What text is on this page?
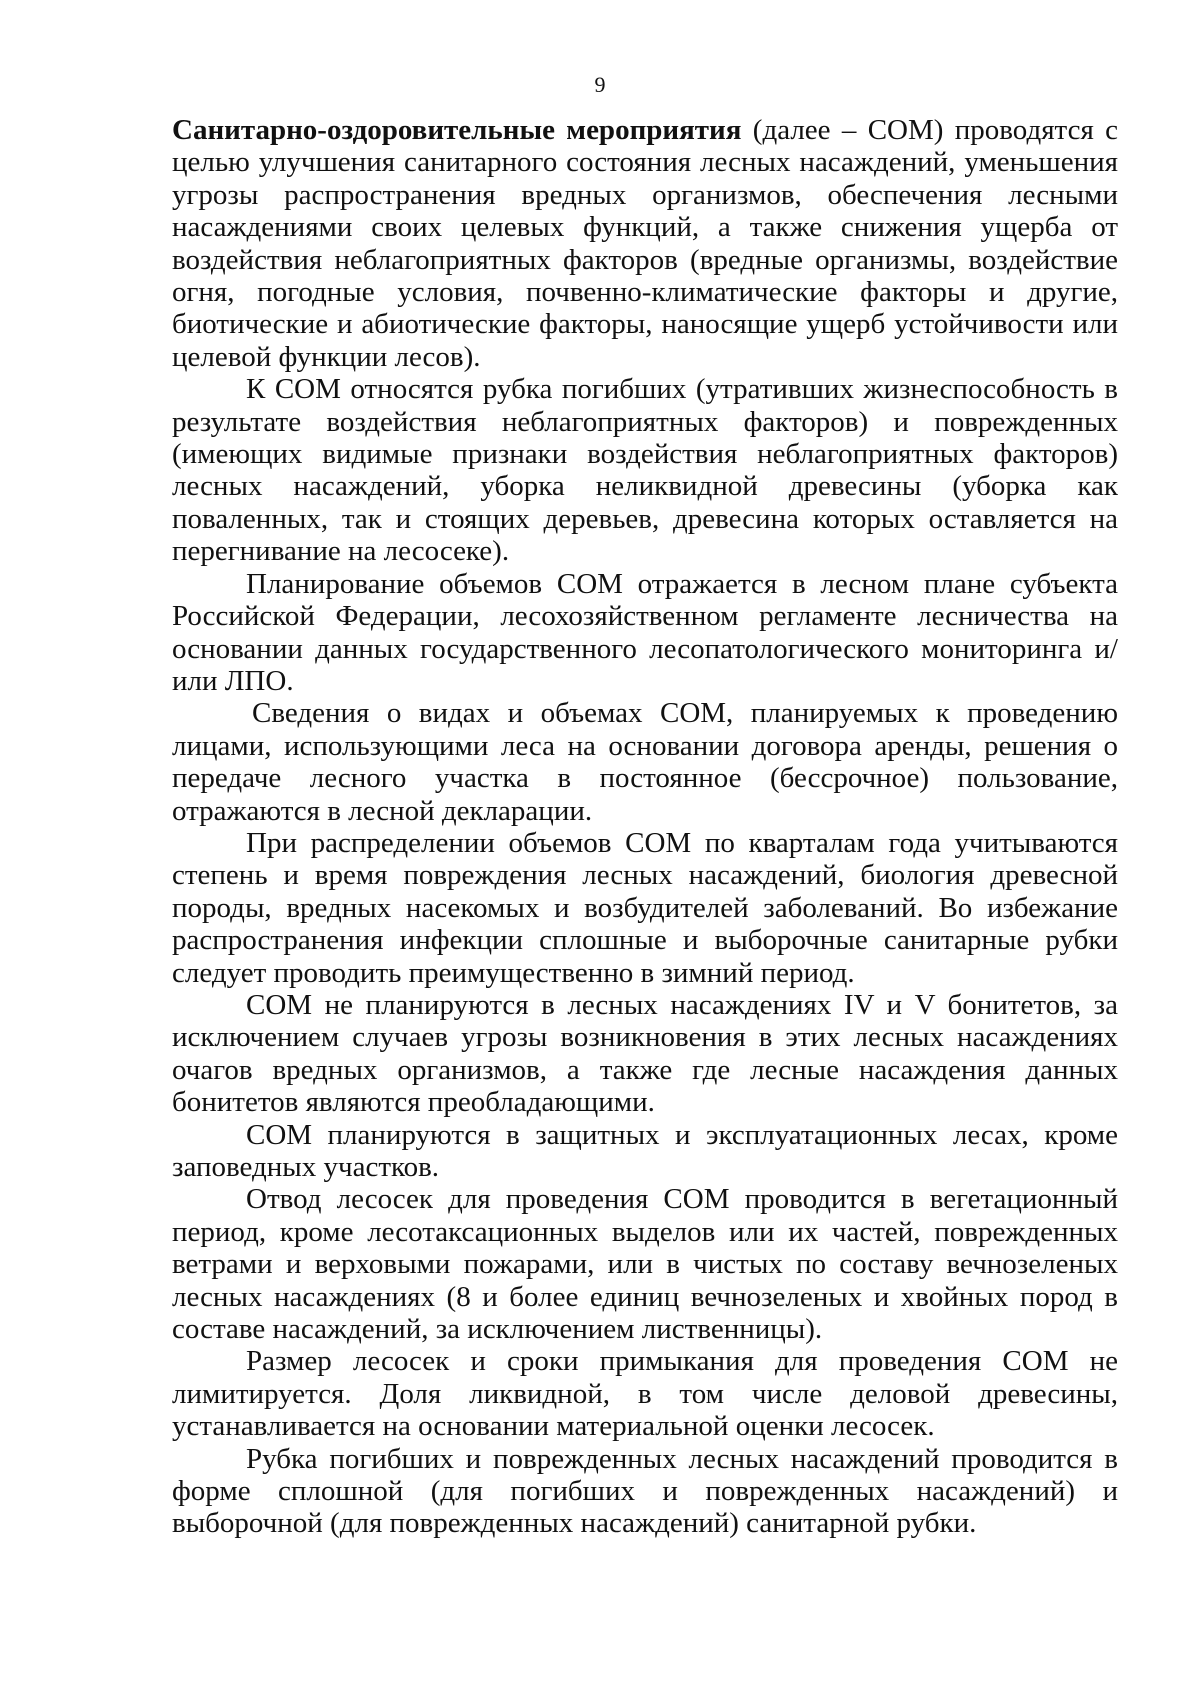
9

Санитарно-оздоровительные мероприятия (далее – СОМ) проводятся с целью улучшения санитарного состояния лесных насаждений, уменьшения угрозы распространения вредных организмов, обеспечения лесными насаждениями своих целевых функций, а также снижения ущерба от воздействия неблагоприятных факторов (вредные организмы, воздействие огня, погодные условия, почвенно-климатические факторы и другие, биотические и абиотические факторы, наносящие ущерб устойчивости или целевой функции лесов).

К СОМ относятся рубка погибших (утративших жизнеспособность в результате воздействия неблагоприятных факторов) и поврежденных (имеющих видимые признаки воздействия неблагоприятных факторов) лесных насаждений, уборка неликвидной древесины (уборка как поваленных, так и стоящих деревьев, древесина которых оставляется на перегнивание на лесосеке).

Планирование объемов СОМ отражается в лесном плане субъекта Российской Федерации, лесохозяйственном регламенте лесничества на основании данных государственного лесопатологического мониторинга и/или ЛПО.

Сведения о видах и объемах СОМ, планируемых к проведению лицами, использующими леса на основании договора аренды, решения о передаче лесного участка в постоянное (бессрочное) пользование, отражаются в лесной декларации.

При распределении объемов СОМ по кварталам года учитываются степень и время повреждения лесных насаждений, биология древесной породы, вредных насекомых и возбудителей заболеваний. Во избежание распространения инфекции сплошные и выборочные санитарные рубки следует проводить преимущественно в зимний период.

СОМ не планируются в лесных насаждениях IV и V бонитетов, за исключением случаев угрозы возникновения в этих лесных насаждениях очагов вредных организмов, а также где лесные насаждения данных бонитетов являются преобладающими.

СОМ планируются в защитных и эксплуатационных лесах, кроме заповедных участков.

Отвод лесосек для проведения СОМ проводится в вегетационный период, кроме лесотаксационных выделов или их частей, поврежденных ветрами и верховыми пожарами, или в чистых по составу вечнозеленых лесных насаждениях (8 и более единиц вечнозеленых и хвойных пород в составе насаждений, за исключением лиственницы).

Размер лесосек и сроки примыкания для проведения СОМ не лимитируется. Доля ликвидной, в том числе деловой древесины, устанавливается на основании материальной оценки лесосек.

Рубка погибших и поврежденных лесных насаждений проводится в форме сплошной (для погибших и поврежденных насаждений) и выборочной (для поврежденных насаждений) санитарной рубки.
